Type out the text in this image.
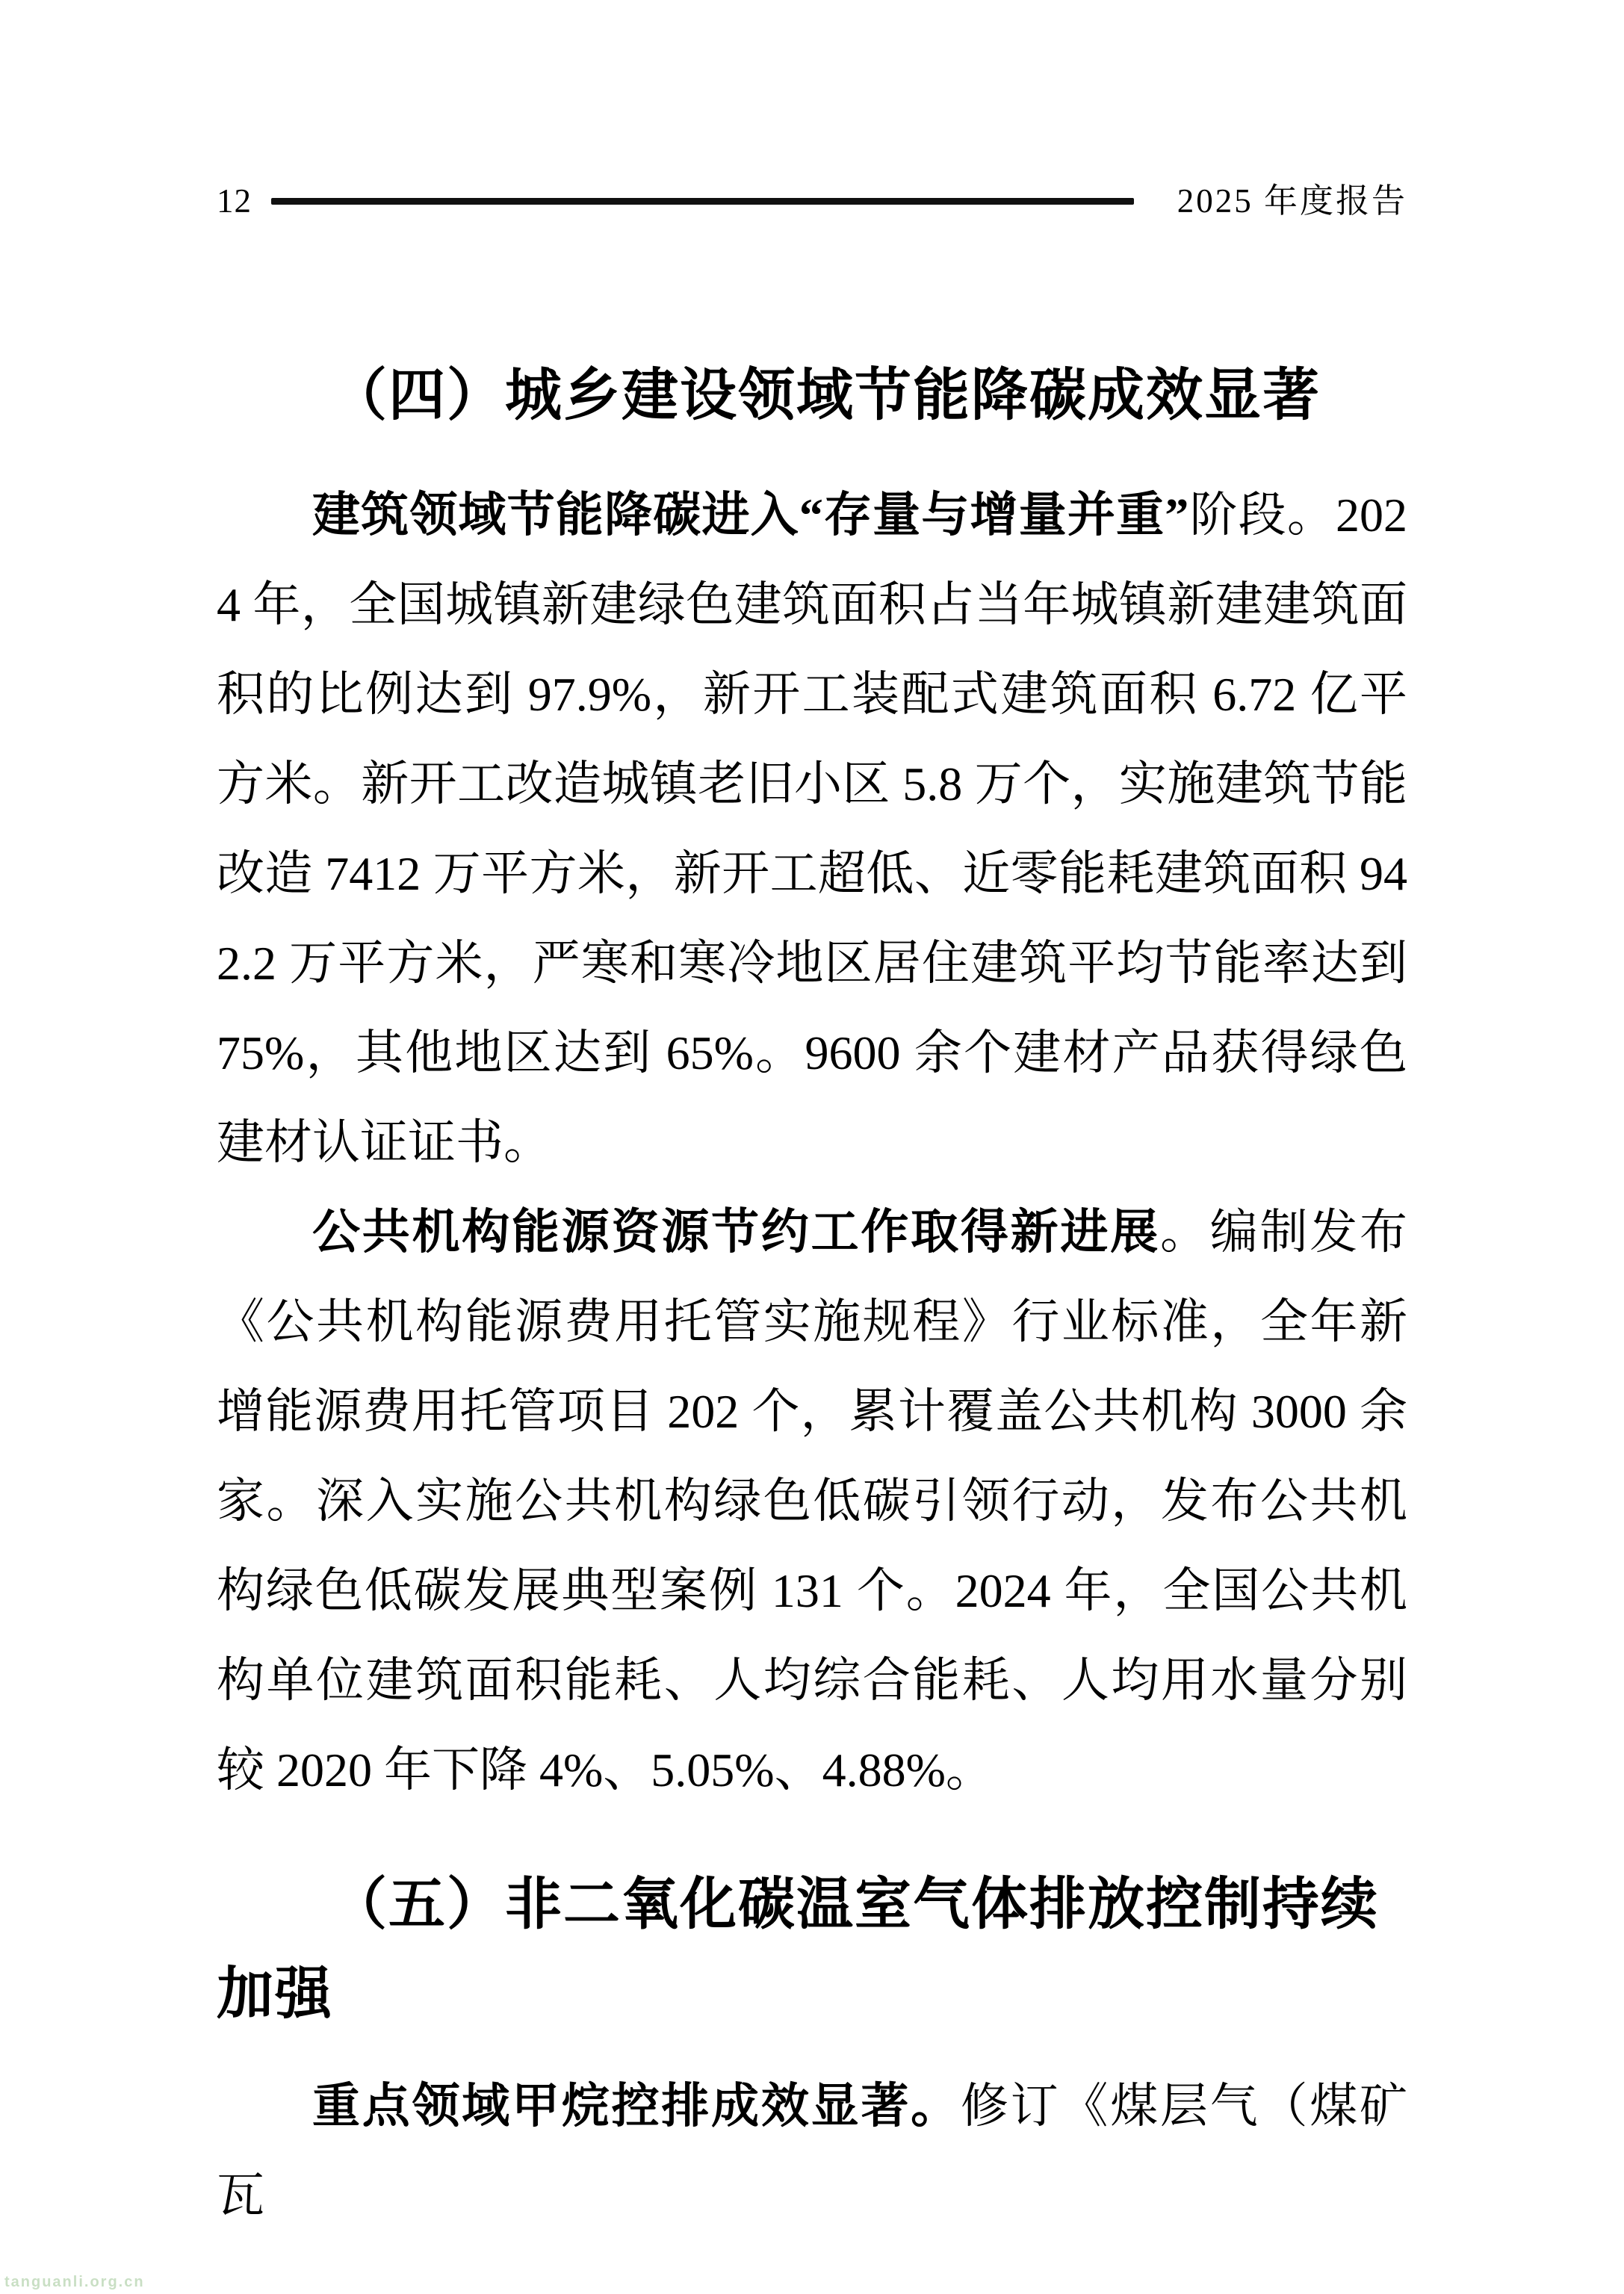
12	2025 年度报告
（四）城乡建设领域节能降碳成效显著

建筑领域节能降碳进入“存量与增量并重”阶段。2024 年，全国城镇新建绿色建筑面积占当年城镇新建建筑面积的比例达到 97.9%，新开工装配式建筑面积 6.72 亿平方米。新开工改造城镇老旧小区 5.8 万个，实施建筑节能改造 7412 万平方米，新开工超低、近零能耗建筑面积 942.2 万平方米，严寒和寒冷地区居住建筑平均节能率达到 75%，其他地区达到 65%。9600 余个建材产品获得绿色建材认证证书。

公共机构能源资源节约工作取得新进展。编制发布《公共机构能源费用托管实施规程》行业标准，全年新增能源费用托管项目 202 个，累计覆盖公共机构 3000 余家。深入实施公共机构绿色低碳引领行动，发布公共机构绿色低碳发展典型案例 131 个。2024 年，全国公共机构单位建筑面积能耗、人均综合能耗、人均用水量分别较 2020 年下降 4%、5.05%、4.88%。

（五）非二氧化碳温室气体排放控制持续加强

重点领域甲烷控排成效显著。修订《煤层气（煤矿瓦

tanguanli.org.cn
